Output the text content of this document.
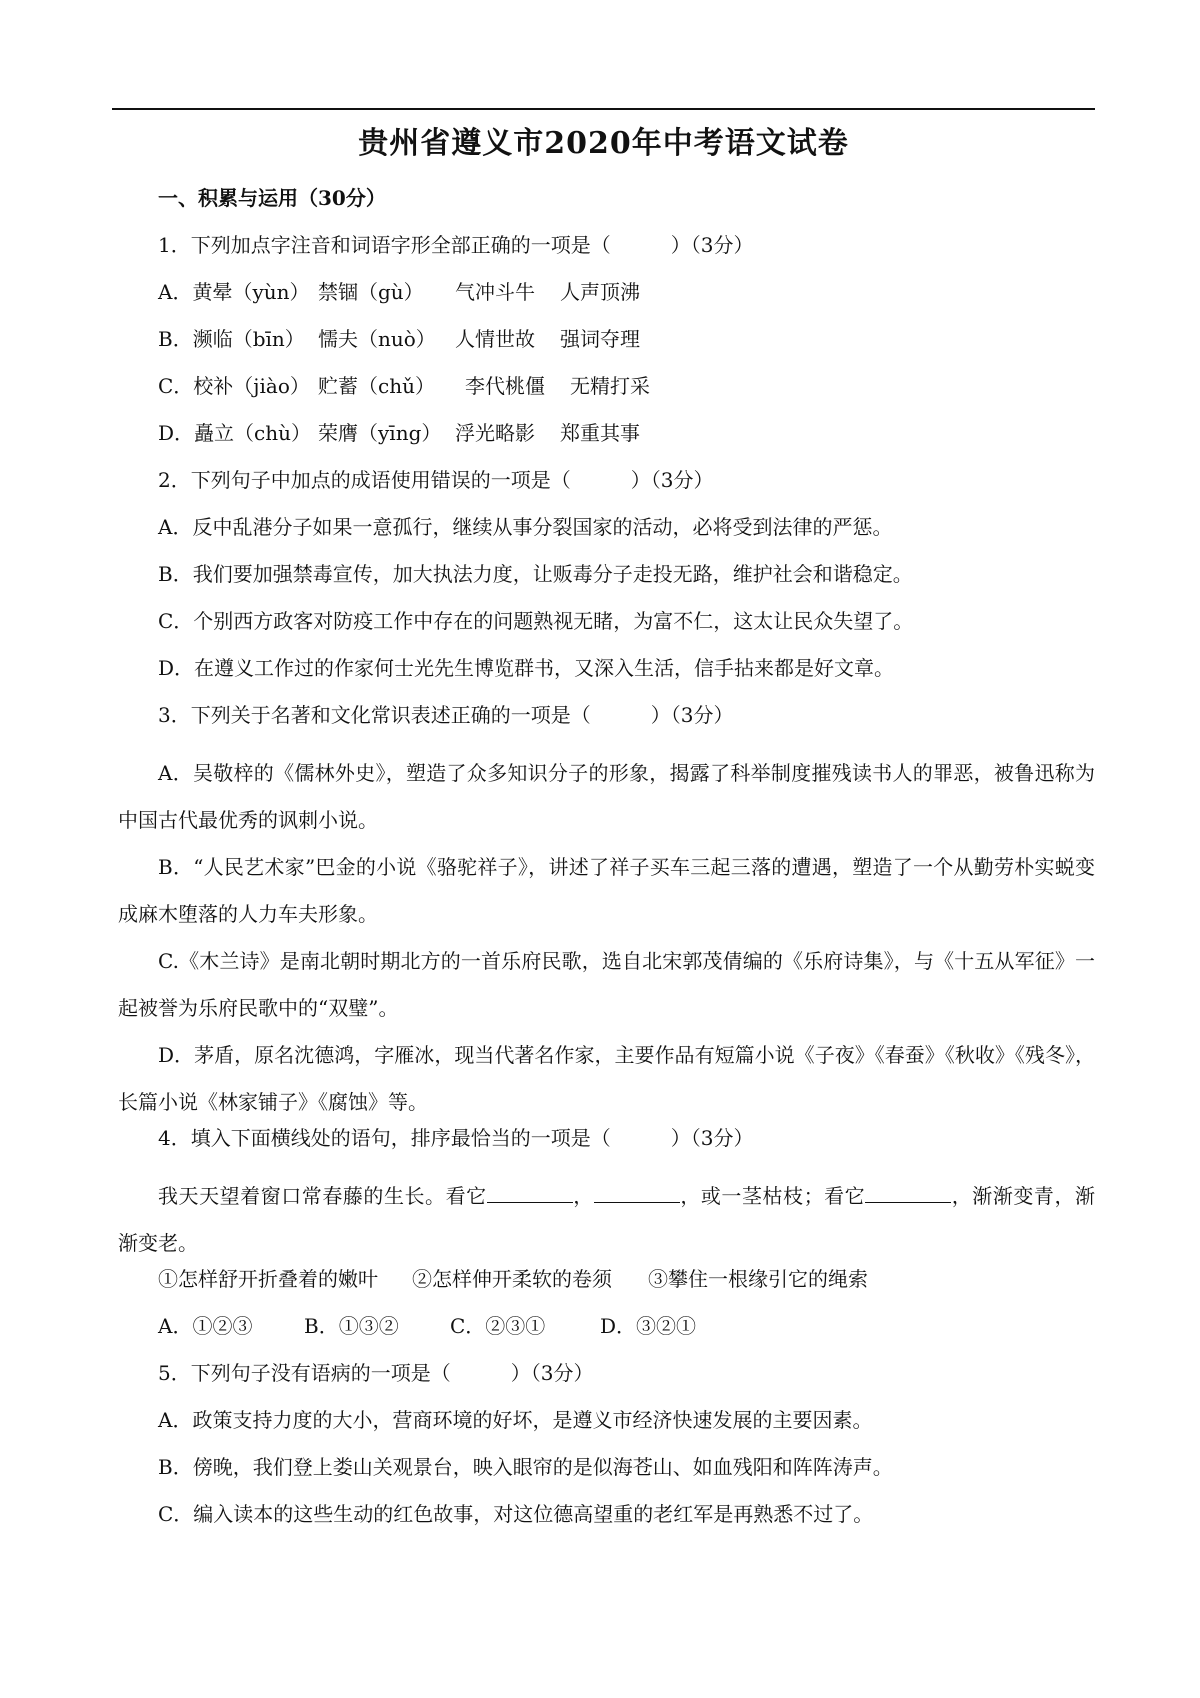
贵州省遵义市2020年中考语文试卷
一、积累与运用（30分）
1．下列加点字注音和词语字形全部正确的一项是（　　　）（3分）
A．黄晕（yùn） 禁锢（gù） 气冲斗牛 人声顶沸
B．濒临（bīn） 懦夫（nuò） 人情世故 强词夺理
C．校补（jiào） 贮蓄（chǔ） 李代桃僵 无精打采
D．矗立（chù） 荣膺（yīng） 浮光略影 郑重其事
2．下列句子中加点的成语使用错误的一项是（　　　）（3分）
A．反中乱港分子如果一意孤行，继续从事分裂国家的活动，必将受到法律的严惩。
B．我们要加强禁毒宣传，加大执法力度，让贩毒分子走投无路，维护社会和谐稳定。
C．个别西方政客对防疫工作中存在的问题熟视无睹，为富不仁，这太让民众失望了。
D．在遵义工作过的作家何士光先生博览群书，又深入生活，信手拈来都是好文章。
3．下列关于名著和文化常识表述正确的一项是（　　　）（3分）
A．吴敬梓的《儒林外史》，塑造了众多知识分子的形象，揭露了科举制度摧残读书人的罪恶，被鲁迅称为中国古代最优秀的讽刺小说。
B．“人民艺术家”巴金的小说《骆驼祥子》，讲述了祥子买车三起三落的遭遇，塑造了一个从勤劳朴实蜕变成麻木堕落的人力车夫形象。
C.《木兰诗》是南北朝时期北方的一首乐府民歌，选自北宋郭茂倩编的《乐府诗集》，与《十五从军征》一起被誉为乐府民歌中的“双璧”。
D．茅盾，原名沈德鸿，字雁冰，现当代著名作家，主要作品有短篇小说《子夜》《春蚕》《秋收》《残冬》，长篇小说《林家铺子》《腐蚀》等。
4．填入下面横线处的语句，排序最恰当的一项是（　　　）（3分）
我天天望着窗口常春藤的生长。看它	，	，或一茎枯枝；看它	，渐渐变青，渐渐变老。
①怎样舒开折叠着的嫩叶 ②怎样伸开柔软的卷须 ③攀住一根缘引它的绳索
A．①②③	B．①③②	C．②③①	D．③②①
5．下列句子没有语病的一项是（　　　）（3分）
A．政策支持力度的大小，营商环境的好坏，是遵义市经济快速发展的主要因素。
B．傍晚，我们登上娄山关观景台，映入眼帘的是似海苍山、如血残阳和阵阵涛声。
C．编入读本的这些生动的红色故事，对这位德高望重的老红军是再熟悉不过了。
